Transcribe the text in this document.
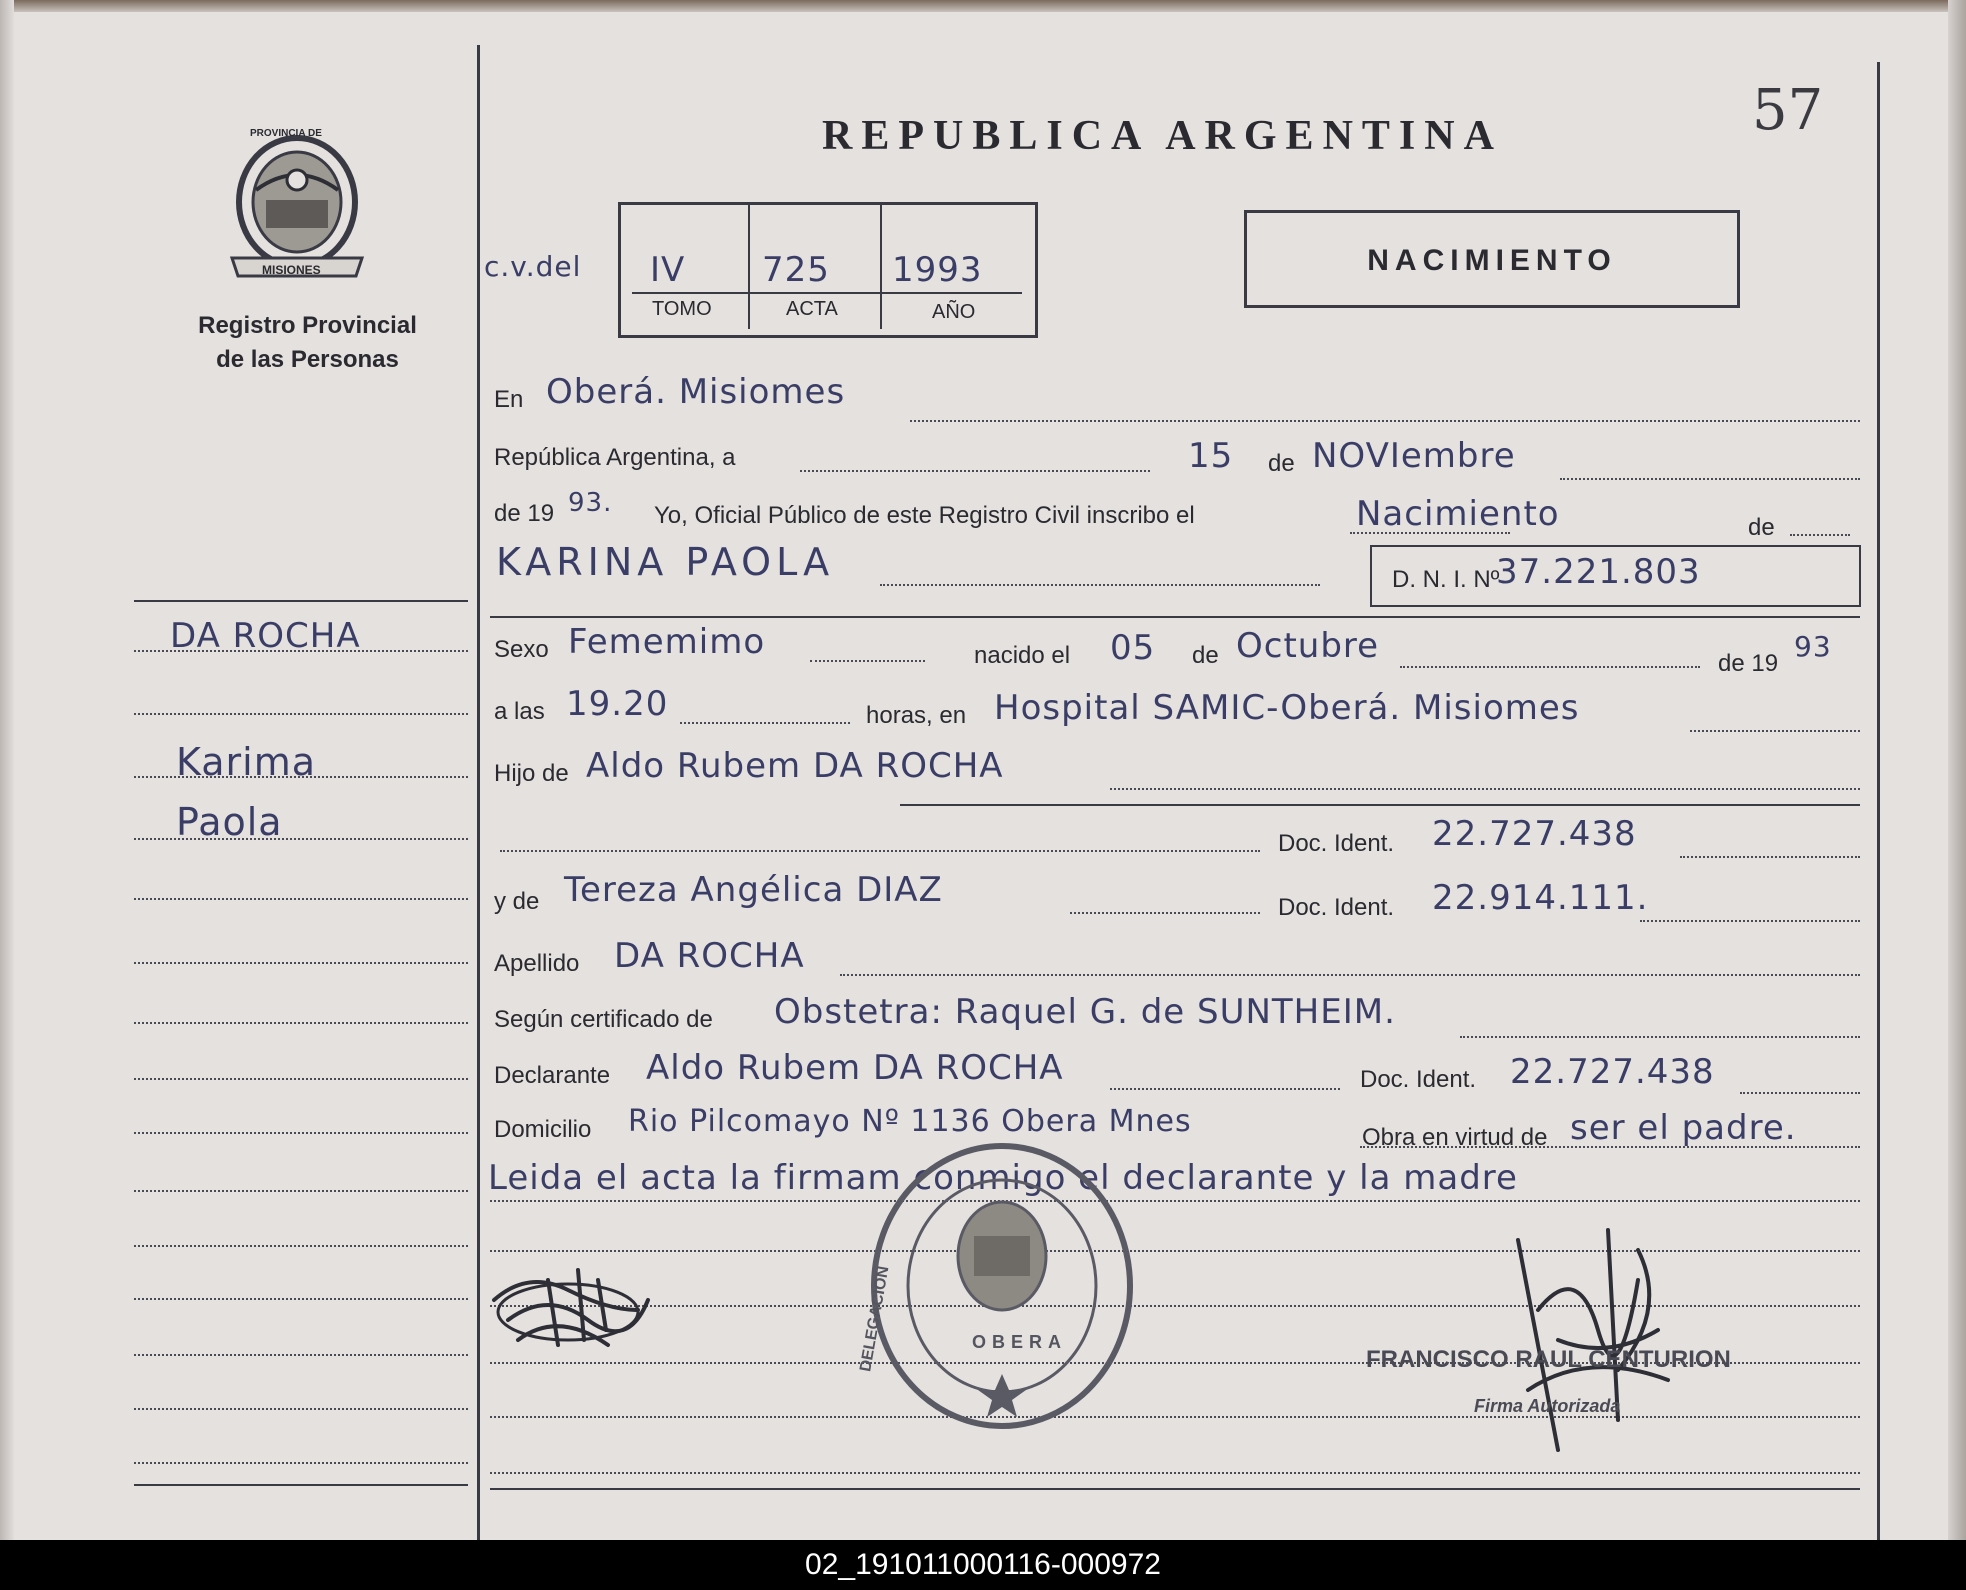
PROVINCIA DE
MISIONES
Registro Provincial
de las Personas
REPUBLICA ARGENTINA	57
c.v.del IV 725 1993
TOMO	ACTA	AÑO
NACIMIENTO
DA ROCHA
Karima
Paola
En Oberá. Misiomes
República Argentina, a	15 de NOVIembre
de 19 93. Yo, Oficial Público de este Registro Civil inscribo el	Nacimiento	de
KARINA PAOLA	D. N. I. Nº
37.221.803
Sexo Fememimo	nacido el 05 de Octubre	de 19
93
a las 19.20	horas, en Hospital SAMIC-Oberá. Misiomes
Hijo de Aldo Rubem DA ROCHA
Doc. Ident. 22.727.438
y de Tereza Angélica DIAZ	Doc. Ident. 22.914.111.
Apellido DA ROCHA
Según certificado de Obstetra: Raquel G. de SUNTHEIM.
Declarante Aldo Rubem DA ROCHA	Doc. Ident. 22.727.438
Domicilio Rio Pilcomayo Nº 1136 Obera Mnes	Obra en virtud de ser el padre.
Leida el acta la firmam conmigo el declarante y la madre
DELEGACION	OBERA
FRANCISCO RAUL CENTURION
Firma Autorizada
02_191011000116-000972
